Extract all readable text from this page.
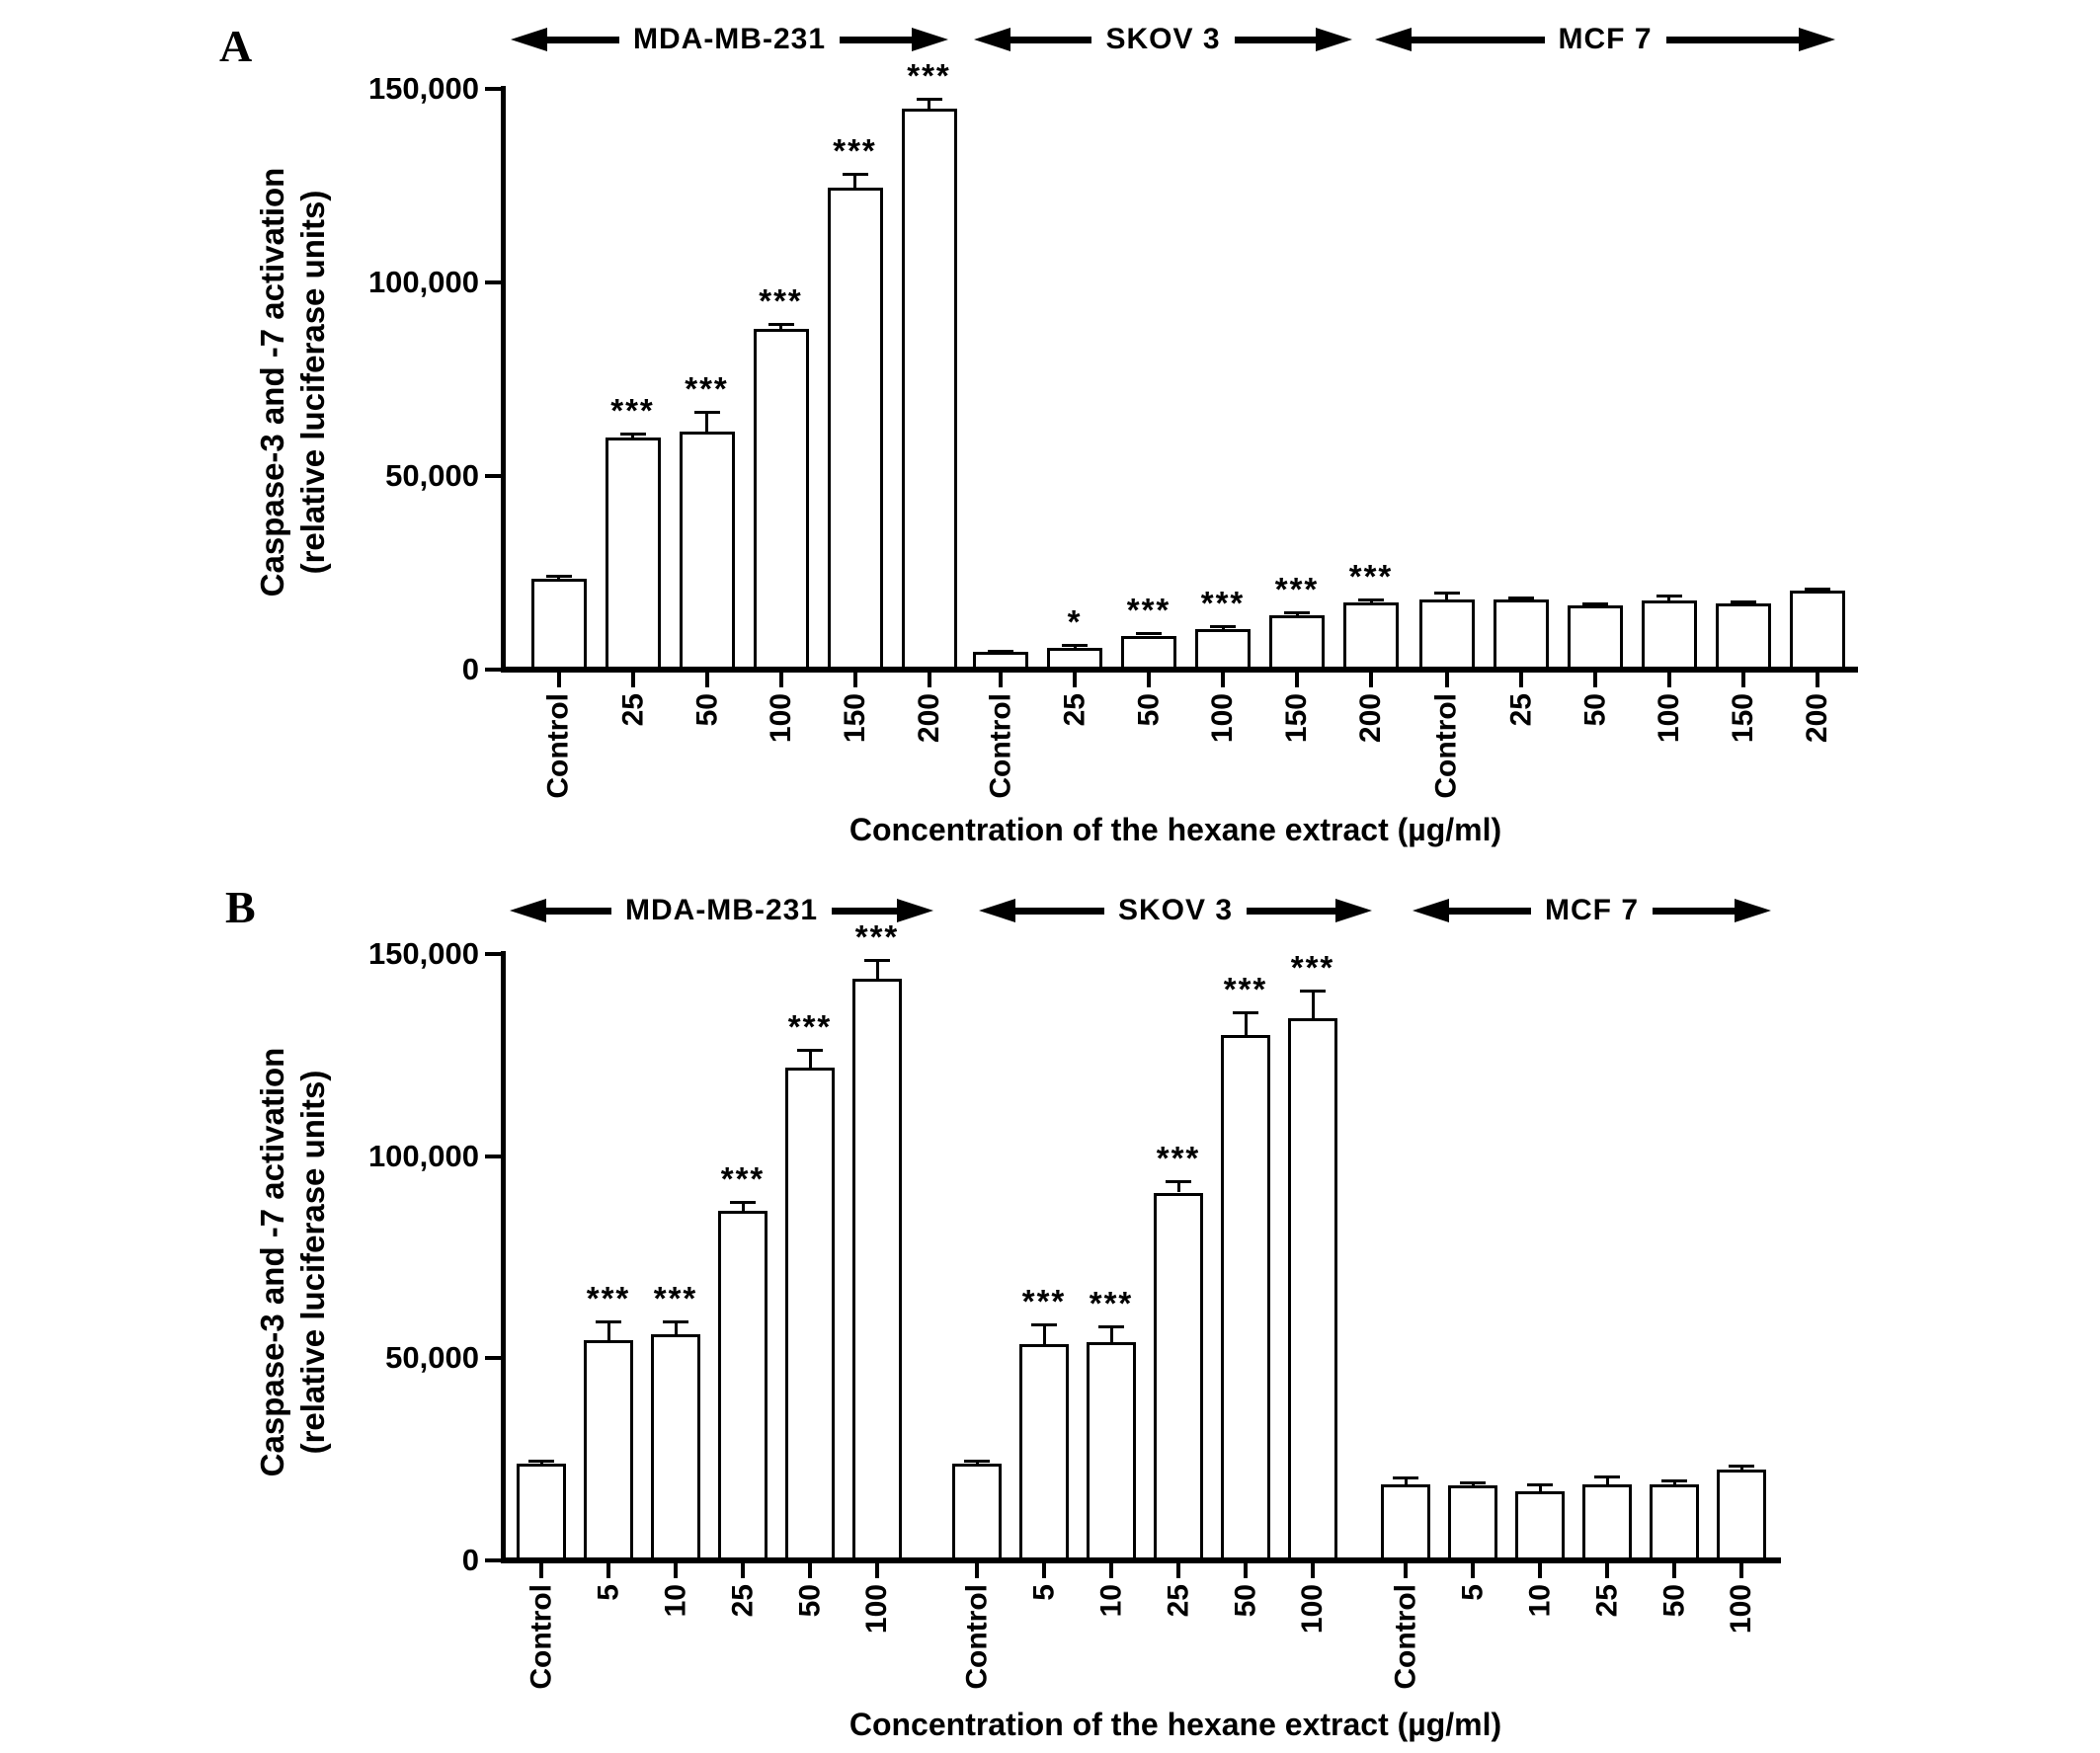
A
Caspase-3 and -7 activation (relative luciferase units)
0
50,000
100,000
150,000
MDA-MB-231
Control
***
25
***
50
***
100
***
150
***
200
SKOV 3
Control
*
25
***
50
***
100
***
150
***
200
MCF 7
Control 25 50 100 150 200
Concentration of the hexane extract (µg/ml)
B
Caspase-3 and -7 activation (relative luciferase units)
0
50,000
100,000
150,000
MDA-MB-231
Control
***
5
***
10
***
25
***
50
***
100
SKOV 3
Control
***
5
***
10
***
25
***
50
***
100
MCF 7
Control 5 10 25 50 100
Concentration of the hexane extract (µg/ml)
